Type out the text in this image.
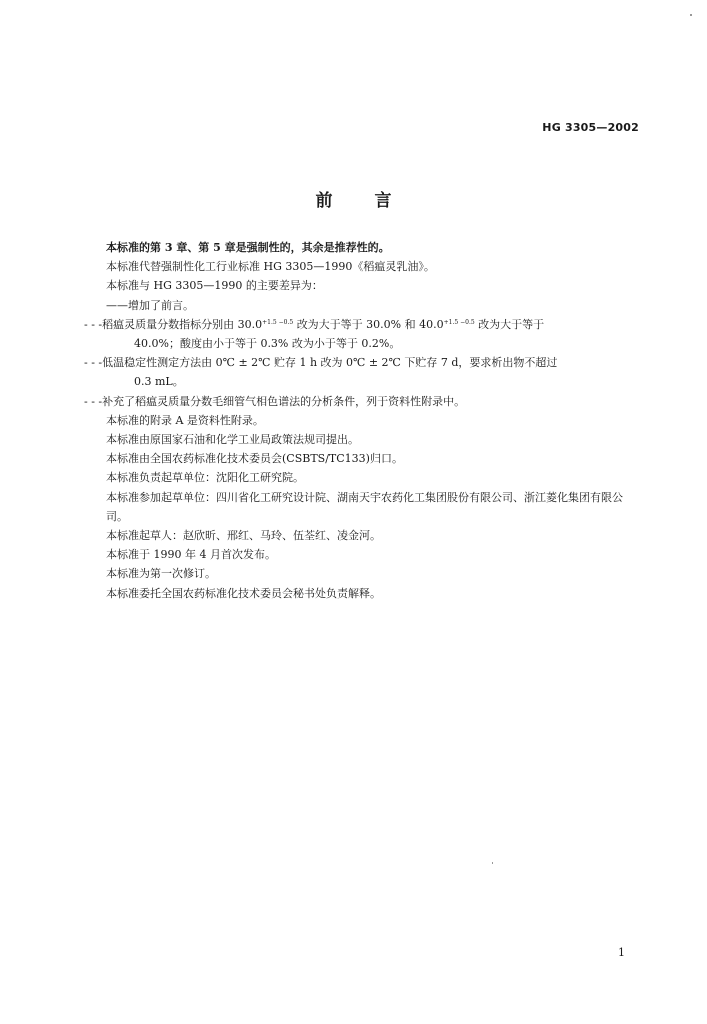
HG 3305—2002
前 言
本标准的第 3 章、第 5 章是强制性的，其余是推荐性的。
本标准代替强制性化工行业标准 HG 3305—1990《稻瘟灵乳油》。
本标准与 HG 3305—1990 的主要差异为：
——增加了前言。
- - -稻瘟灵质量分数指标分别由 $30.0^{+1.5 -0.5}$ 改为大于等于 30.0% 和 $40.0^{+1.5 -0.5}$ 改为大于等于
40.0%；酸度由小于等于 0.3% 改为小于等于 0.2%。
- - -低温稳定性测定方法由 0℃ ± 2℃ 贮存 1 h 改为 0℃ ± 2℃ 下贮存 7 d，要求析出物不超过
0.3 mL。
- - -补充了稻瘟灵质量分数毛细管气相色谱法的分析条件，列于资料性附录中。
本标准的附录 A 是资料性附录。
本标准由原国家石油和化学工业局政策法规司提出。
本标准由全国农药标准化技术委员会(CSBTS/TC133)归口。
本标准负责起草单位：沈阳化工研究院。
本标准参加起草单位：四川省化工研究设计院、湖南天宇农药化工集团股份有限公司、浙江菱化集团有限公司。
本标准起草人：赵欣昕、邢红、马玲、伍荃红、凌金河。
本标准于 1990 年 4 月首次发布。
本标准为第一次修订。
本标准委托全国农药标准化技术委员会秘书处负责解释。
1
